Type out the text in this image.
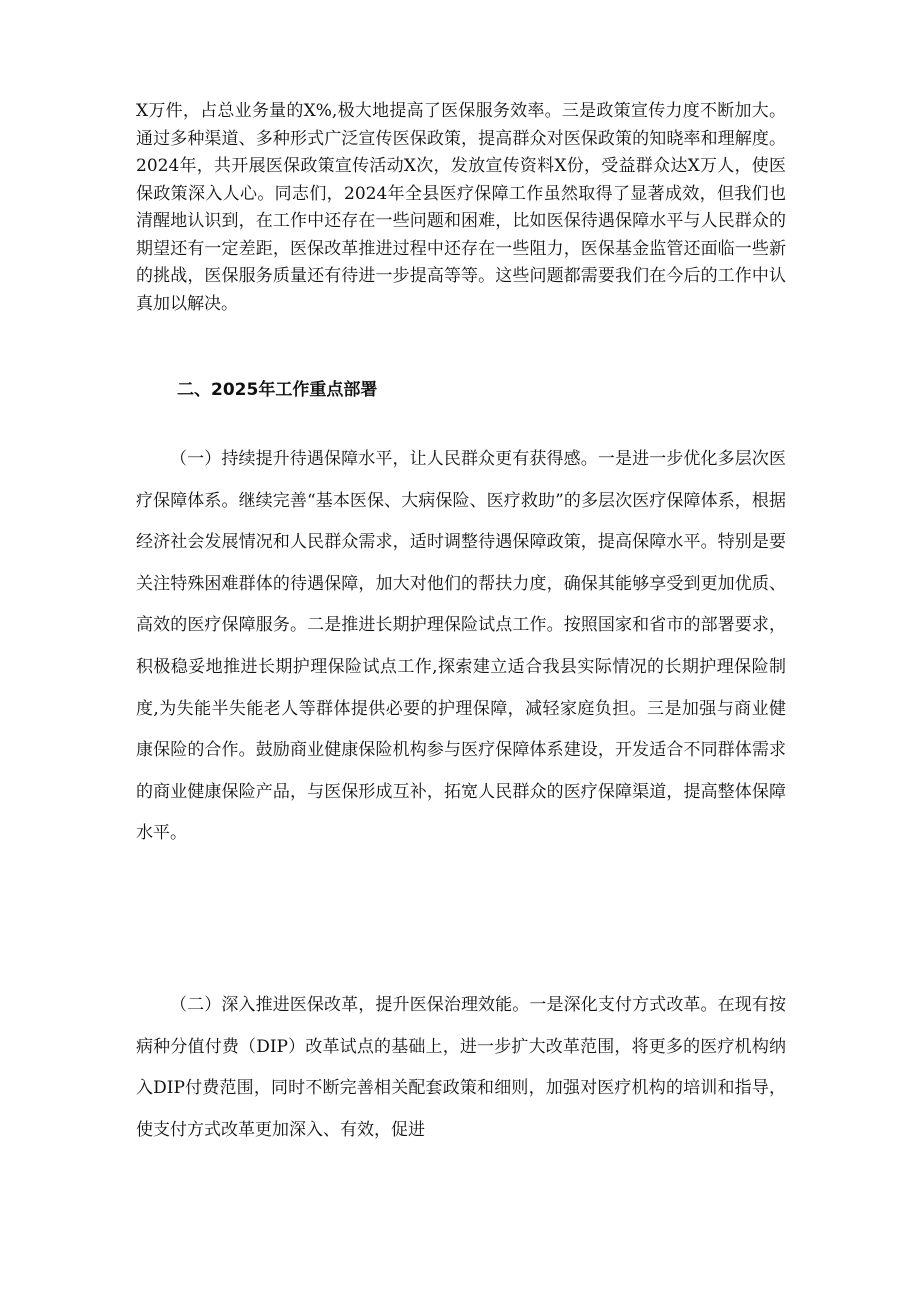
X万件，占总业务量的X%,极大地提高了医保服务效率。三是政策宣传力度不断加大。通过多种渠道、多种形式广泛宣传医保政策，提高群众对医保政策的知晓率和理解度。2024年，共开展医保政策宣传活动X次，发放宣传资料X份，受益群众达X万人，使医保政策深入人心。同志们，2024年全县医疗保障工作虽然取得了显著成效，但我们也清醒地认识到，在工作中还存在一些问题和困难，比如医保待遇保障水平与人民群众的期望还有一定差距，医保改革推进过程中还存在一些阻力，医保基金监管还面临一些新的挑战，医保服务质量还有待进一步提高等等。这些问题都需要我们在今后的工作中认真加以解决。

二、2025年工作重点部署

（一）持续提升待遇保障水平，让人民群众更有获得感。一是进一步优化多层次医疗保障体系。继续完善“基本医保、大病保险、医疗救助”的多层次医疗保障体系，根据经济社会发展情况和人民群众需求，适时调整待遇保障政策，提高保障水平。特别是要关注特殊困难群体的待遇保障，加大对他们的帮扶力度，确保其能够享受到更加优质、高效的医疗保障服务。二是推进长期护理保险试点工作。按照国家和省市的部署要求，积极稳妥地推进长期护理保险试点工作,探索建立适合我县实际情况的长期护理保险制度,为失能半失能老人等群体提供必要的护理保障，减轻家庭负担。三是加强与商业健康保险的合作。鼓励商业健康保险机构参与医疗保障体系建设，开发适合不同群体需求的商业健康保险产品，与医保形成互补，拓宽人民群众的医疗保障渠道，提高整体保障水平。

（二）深入推进医保改革，提升医保治理效能。一是深化支付方式改革。在现有按病种分值付费（DIP）改革试点的基础上，进一步扩大改革范围，将更多的医疗机构纳入DIP付费范围，同时不断完善相关配套政策和细则，加强对医疗机构的培训和指导，使支付方式改革更加深入、有效，促进
